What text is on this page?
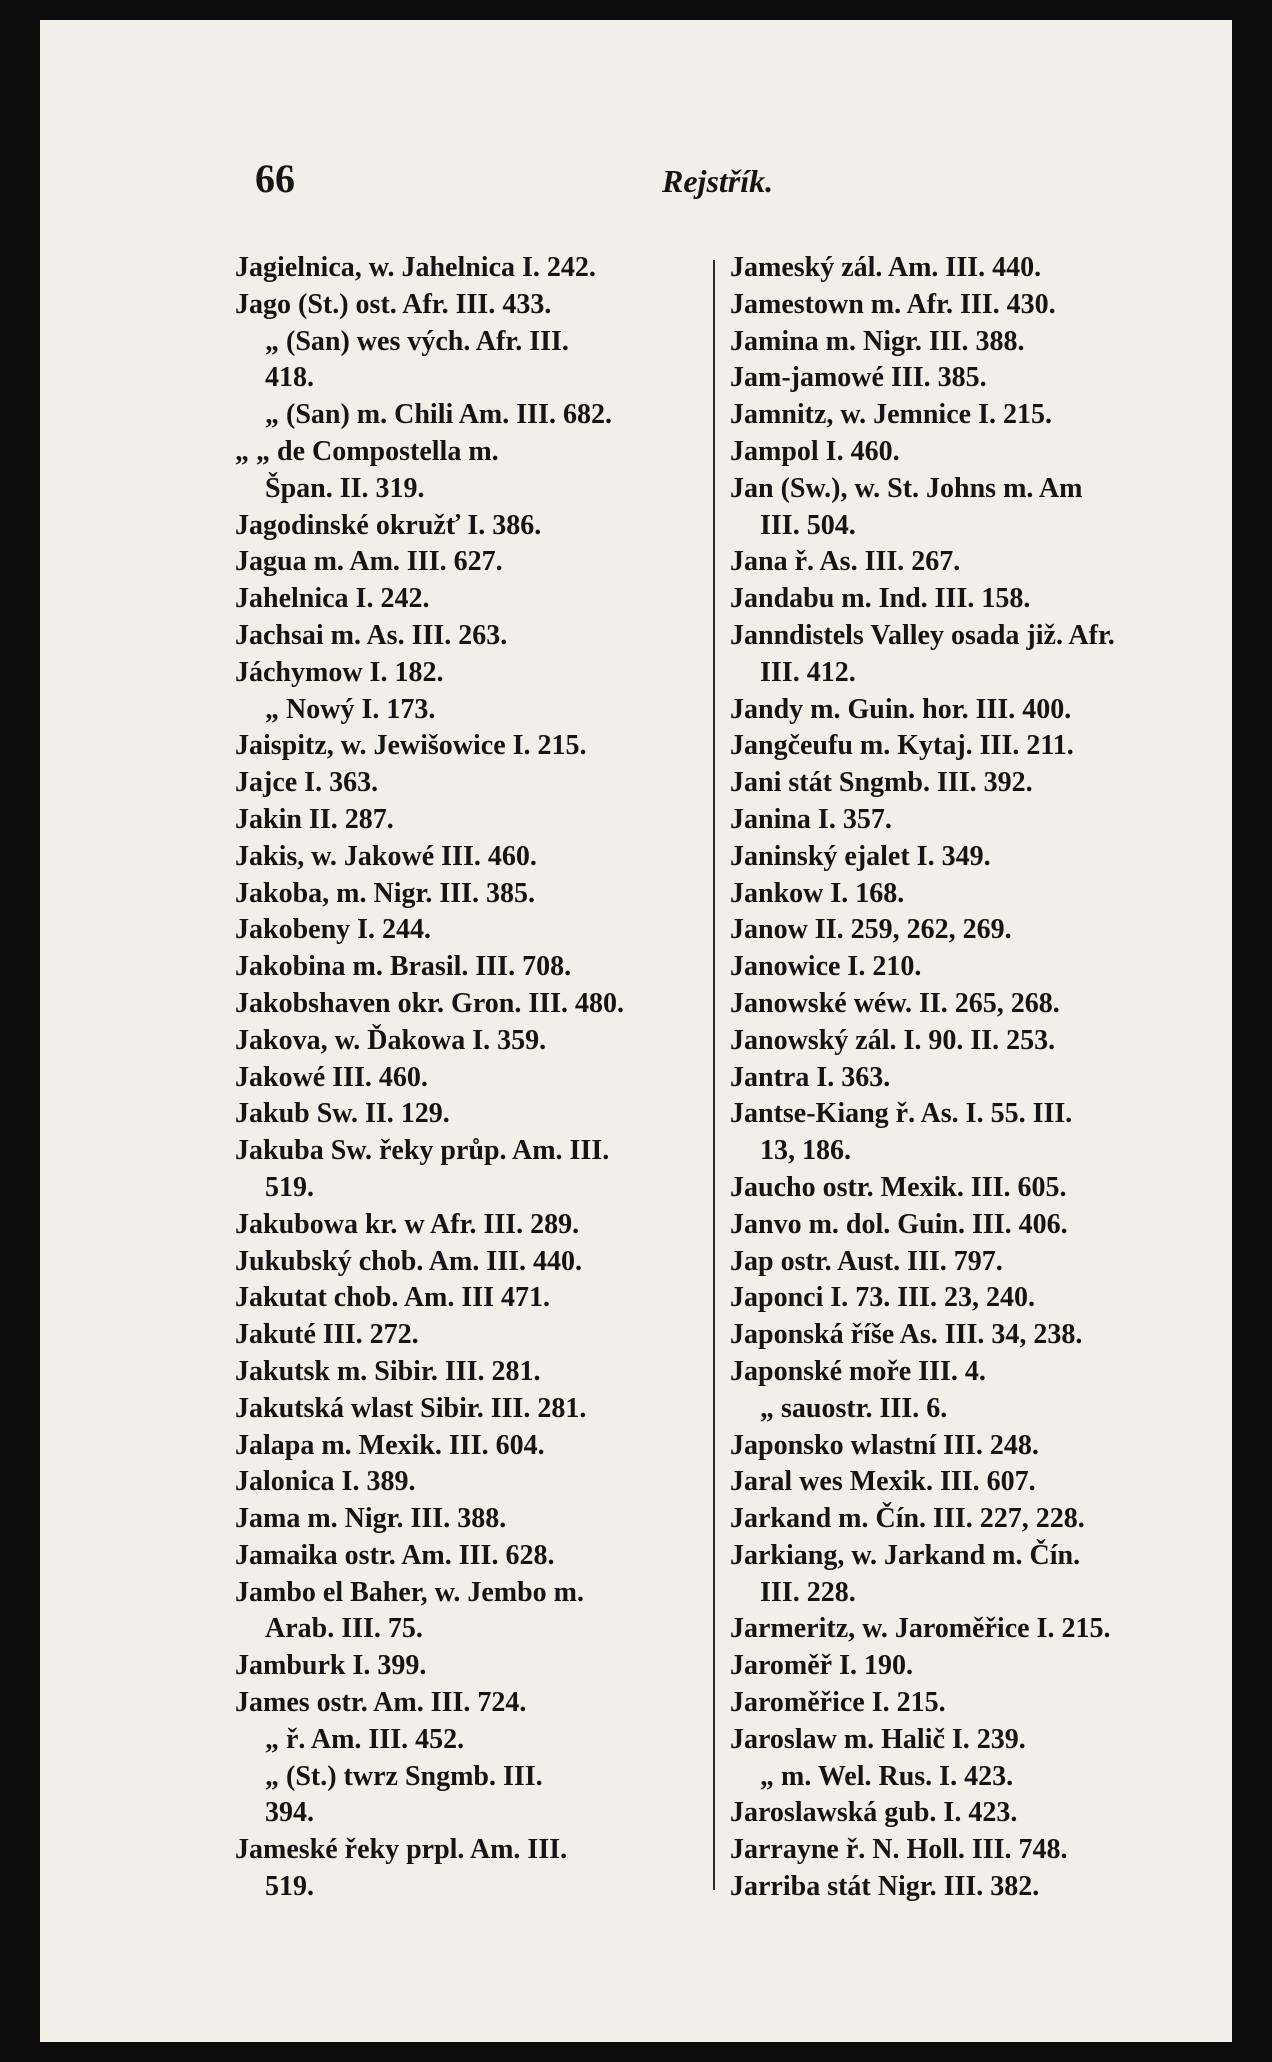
66	Rejstřík.
Jagielnica, w. Jahelnica I. 242.
Jago (St.) ost. Afr. III. 433.
„ (San) wes vých. Afr. III.
418.
„ (San) m. Chili Am. III. 682.
„ „ de Compostella m.
Špan. II. 319.
Jagodinské okružť I. 386.
Jagua m. Am. III. 627.
Jahelnica I. 242.
Jachsai m. As. III. 263.
Jáchymow I. 182.
„ Nowý I. 173.
Jaispitz, w. Jewišowice I. 215.
Jajce I. 363.
Jakin II. 287.
Jakis, w. Jakowé III. 460.
Jakoba, m. Nigr. III. 385.
Jakobeny I. 244.
Jakobina m. Brasil. III. 708.
Jakobshaven okr. Gron. III. 480.
Jakova, w. Ďakowa I. 359.
Jakowé III. 460.
Jakub Sw. II. 129.
Jakuba Sw. řeky průp. Am. III.
519.
Jakubowa kr. w Afr. III. 289.
Jukubský chob. Am. III. 440.
Jakutat chob. Am. III 471.
Jakuté III. 272.
Jakutsk m. Sibir. III. 281.
Jakutská wlast Sibir. III. 281.
Jalapa m. Mexik. III. 604.
Jalonica I. 389.
Jama m. Nigr. III. 388.
Jamaika ostr. Am. III. 628.
Jambo el Baher, w. Jembo m.
Arab. III. 75.
Jamburk I. 399.
James ostr. Am. III. 724.
„ ř. Am. III. 452.
„ (St.) twrz Sngmb. III.
394.
Jameské řeky prpl. Am. III.
519.
Jameský zál. Am. III. 440.
Jamestown m. Afr. III. 430.
Jamina m. Nigr. III. 388.
Jam-jamowé III. 385.
Jamnitz, w. Jemnice I. 215.
Jampol I. 460.
Jan (Sw.), w. St. Johns m. Am
III. 504.
Jana ř. As. III. 267.
Jandabu m. Ind. III. 158.
Janndistels Valley osada již. Afr.
III. 412.
Jandy m. Guin. hor. III. 400.
Jangčeufu m. Kytaj. III. 211.
Jani stát Sngmb. III. 392.
Janina I. 357.
Janinský ejalet I. 349.
Jankow I. 168.
Janow II. 259, 262, 269.
Janowice I. 210.
Janowské wéw. II. 265, 268.
Janowský zál. I. 90. II. 253.
Jantra I. 363.
Jantse-Kiang ř. As. I. 55. III.
13, 186.
Jaucho ostr. Mexik. III. 605.
Janvo m. dol. Guin. III. 406.
Jap ostr. Aust. III. 797.
Japonci I. 73. III. 23, 240.
Japonská říše As. III. 34, 238.
Japonské moře III. 4.
„ sauostr. III. 6.
Japonsko wlastní III. 248.
Jaral wes Mexik. III. 607.
Jarkand m. Čín. III. 227, 228.
Jarkiang, w. Jarkand m. Čín.
III. 228.
Jarmeritz, w. Jaroměřice I. 215.
Jaroměř I. 190.
Jaroměřice I. 215.
Jaroslaw m. Halič I. 239.
„ m. Wel. Rus. I. 423.
Jaroslawská gub. I. 423.
Jarrayne ř. N. Holl. III. 748.
Jarriba stát Nigr. III. 382.
